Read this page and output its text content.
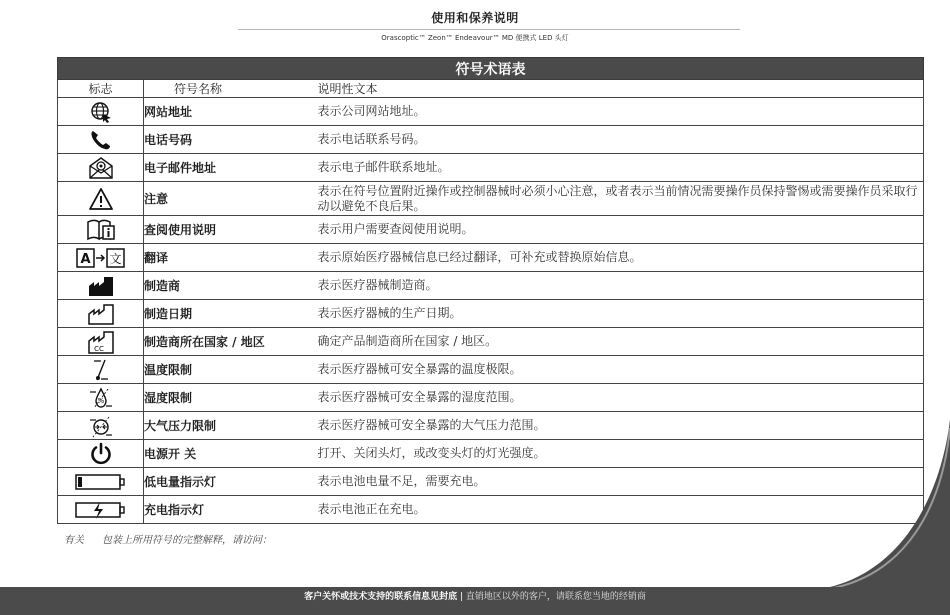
使用和保养说明
Orascoptic™ Zeon™ Endeavour™ MD 便携式 LED 头灯
符号术语表		
标志	符号名称	说明性文本

	网站地址	表示公司网站地址。

	电话号码	表示电话联系号码。

	电子邮件地址	表示电子邮件联系地址。

	注意	表示在符号位置附近操作或控制器械时必须小心注意，或者表示当前情况需要操作员保持警惕或需要操作员采取行动以避免不良后果。

	查阅使用说明	表示用户需要查阅使用说明。

A 文	翻译	表示原始医疗器械信息已经过翻译，可补充或替换原始信息。

	制造商	表示医疗器械制造商。

	制造日期	表示医疗器械的生产日期。

CC	制造商所在国家 / 地区	确定产品制造商所在国家 / 地区。

	温度限制	表示医疗器械可安全暴露的温度极限。

%	湿度限制	表示医疗器械可安全暴露的湿度范围。

	大气压力限制	表示医疗器械可安全暴露的大气压力范围。

	电源开 关	打开、关闭头灯，或改变头灯的灯光强度。

	低电量指示灯	表示电池电量不足，需要充电。

	充电指示灯	表示电池正在充电。
有关 包装上所用符号的完整解释，请访问：
客户关怀或技术支持的联系信息见封底 | 直销地区以外的客户，请联系您当地的经销商
